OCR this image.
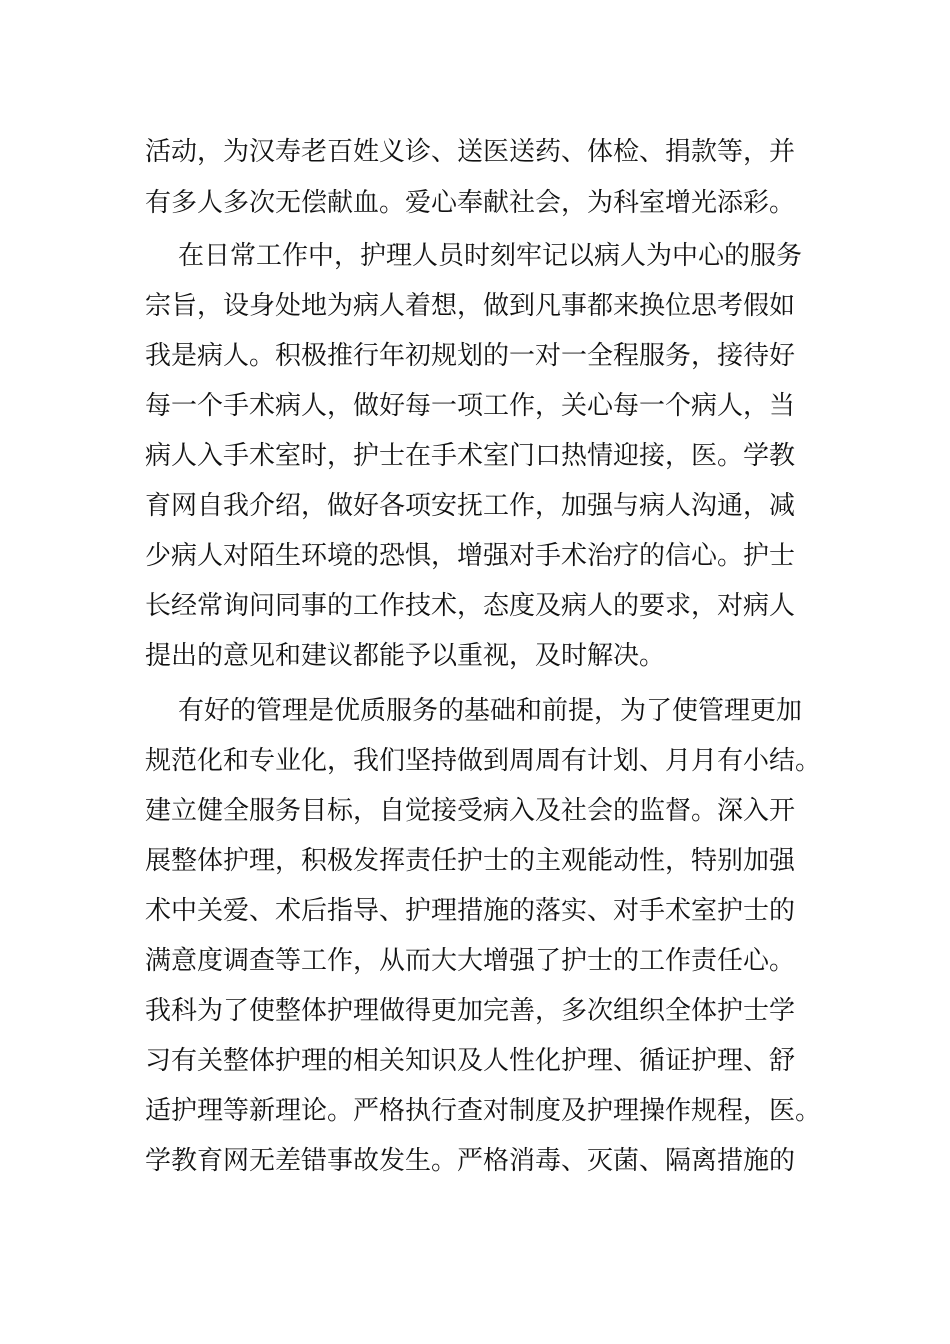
活动，为汉寿老百姓义诊、送医送药、体检、捐款等，并
有多人多次无偿献血。爱心奉献社会，为科室增光添彩。
在日常工作中，护理人员时刻牢记以病人为中心的服务
宗旨，设身处地为病人着想，做到凡事都来换位思考假如
我是病人。积极推行年初规划的一对一全程服务，接待好
每一个手术病人，做好每一项工作，关心每一个病人，当
病人入手术室时，护士在手术室门口热情迎接，医。学教
育网自我介绍，做好各项安抚工作，加强与病人沟通，减
少病人对陌生环境的恐惧，增强对手术治疗的信心。护士
长经常询问同事的工作技术，态度及病人的要求，对病人
提出的意见和建议都能予以重视，及时解决。
有好的管理是优质服务的基础和前提，为了使管理更加
规范化和专业化，我们坚持做到周周有计划、月月有小结。
建立健全服务目标，自觉接受病入及社会的监督。深入开
展整体护理，积极发挥责任护士的主观能动性，特别加强
术中关爱、术后指导、护理措施的落实、对手术室护士的
满意度调查等工作，从而大大增强了护士的工作责任心。
我科为了使整体护理做得更加完善，多次组织全体护士学
习有关整体护理的相关知识及人性化护理、循证护理、舒
适护理等新理论。严格执行查对制度及护理操作规程，医。
学教育网无差错事故发生。严格消毒、灭菌、隔离措施的
